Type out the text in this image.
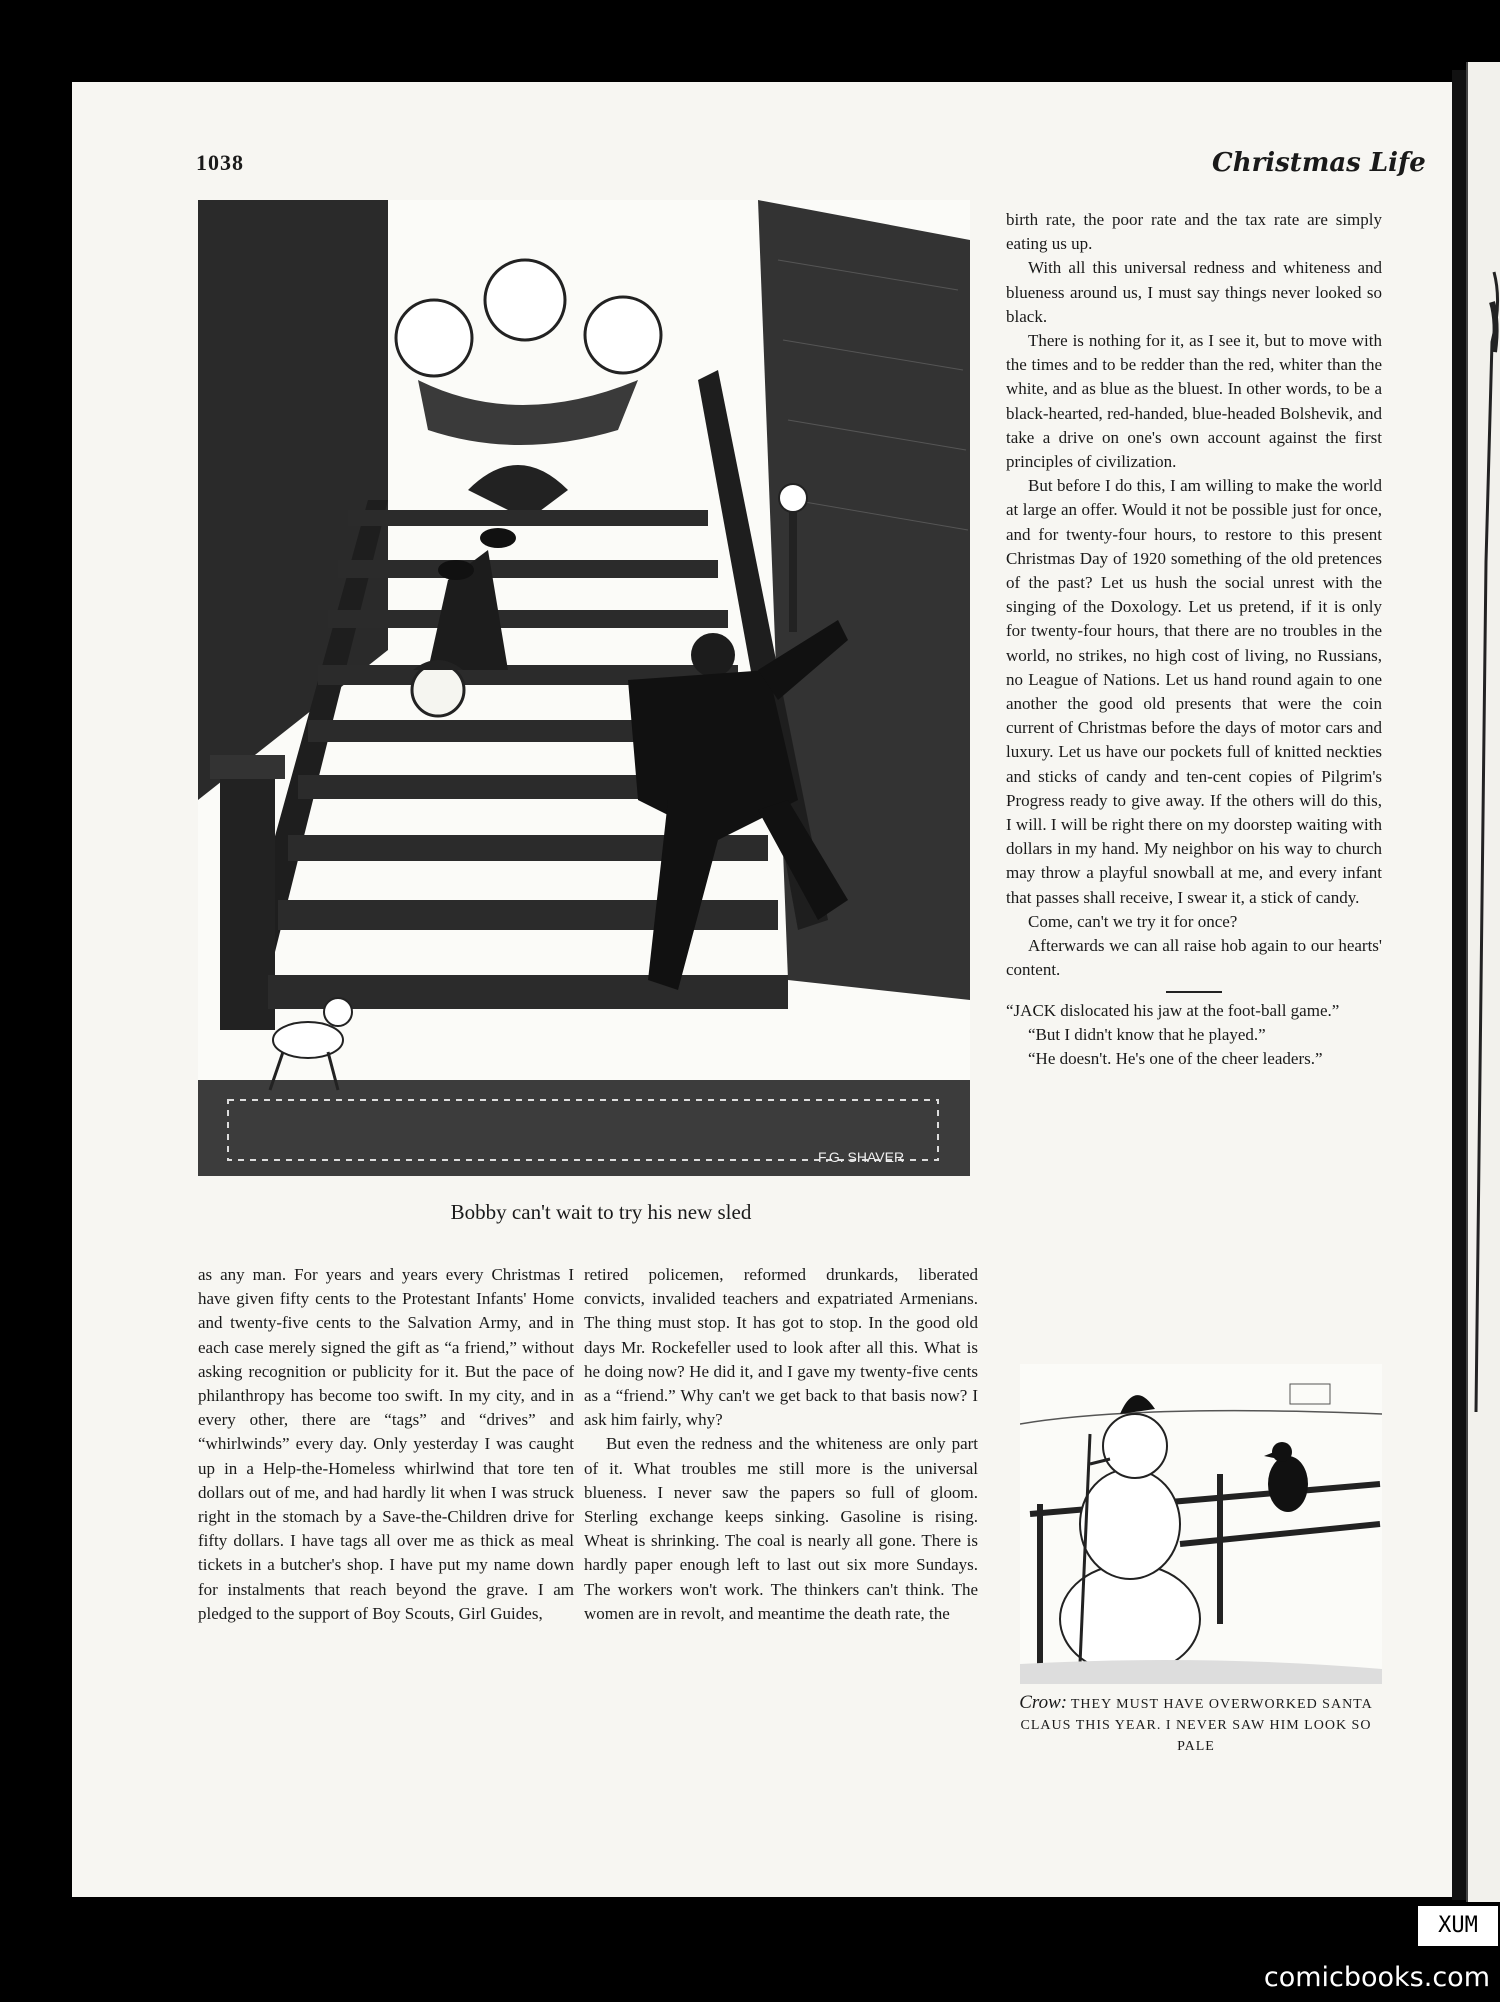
1038	Christmas Life
F.G. SHAVER
Bobby can't wait to try his new sled

birth rate, the poor rate and the tax rate are simply eating us up.

With all this universal redness and whiteness and blueness around us, I must say things never looked so black.

There is nothing for it, as I see it, but to move with the times and to be redder than the red, whiter than the white, and as blue as the bluest. In other words, to be a black-hearted, red-handed, blue-headed Bolshevik, and take a drive on one's own account against the first principles of civilization.

But before I do this, I am willing to make the world at large an offer. Would it not be possible just for once, and for twenty-four hours, to restore to this present Christmas Day of 1920 something of the old pretences of the past? Let us hush the social unrest with the singing of the Doxology. Let us pretend, if it is only for twenty-four hours, that there are no troubles in the world, no strikes, no high cost of living, no Russians, no League of Nations. Let us hand round again to one another the good old presents that were the coin current of Christmas before the days of motor cars and luxury. Let us have our pockets full of knitted neckties and sticks of candy and ten-cent copies of Pilgrim's Progress ready to give away. If the others will do this, I will. I will be right there on my doorstep waiting with dollars in my hand. My neighbor on his way to church may throw a playful snowball at me, and every infant that passes shall receive, I swear it, a stick of candy.

Come, can't we try it for once?

Afterwards we can all raise hob again to our hearts' content.

“JACK dislocated his jaw at the foot-ball game.”

“But I didn't know that he played.”

“He doesn't. He's one of the cheer leaders.”

Crow: THEY MUST HAVE OVERWORKED SANTA CLAUS THIS YEAR. I NEVER SAW HIM LOOK SO PALE

as any man. For years and years every Christmas I have given fifty cents to the Protestant Infants' Home and twenty-five cents to the Salvation Army, and in each case merely signed the gift as “a friend,” without asking recognition or publicity for it. But the pace of philanthropy has become too swift. In my city, and in every other, there are “tags” and “drives” and “whirlwinds” every day. Only yesterday I was caught up in a Help-the-Homeless whirlwind that tore ten dollars out of me, and had hardly lit when I was struck right in the stomach by a Save-the-Children drive for fifty dollars. I have tags all over me as thick as meal tickets in a butcher's shop. I have put my name down for instalments that reach beyond the grave. I am pledged to the support of Boy Scouts, Girl Guides,

retired policemen, reformed drunkards, liberated convicts, invalided teachers and expatriated Armenians. The thing must stop. It has got to stop. In the good old days Mr. Rockefeller used to look after all this. What is he doing now? He did it, and I gave my twenty-five cents as a “friend.” Why can't we get back to that basis now? I ask him fairly, why?

But even the redness and the whiteness are only part of it. What troubles me still more is the universal blueness. I never saw the papers so full of gloom. Sterling exchange keeps sinking. Gasoline is rising. Wheat is shrinking. The coal is nearly all gone. There is hardly paper enough left to last out six more Sundays. The workers won't work. The thinkers can't think. The women are in revolt, and meantime the death rate, the

XUM
comicbooks.com
